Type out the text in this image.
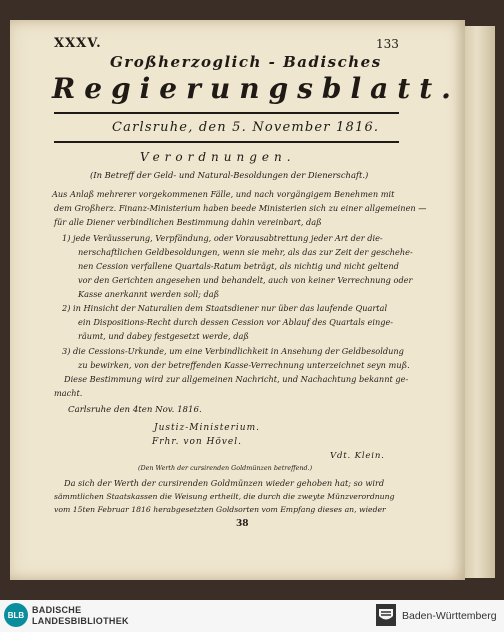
XXXV.	133
Großherzoglich - Badisches
Regierungsblatt.
Carlsruhe, den 5. November 1816.
Verordnungen.
(In Betreff der Geld- und Natural-Besoldungen der Dienerschaft.)
Aus Anlaß mehrerer vorgekommenen Fälle, und nach vorgängigem Benehmen mit
dem Großherz. Finanz-Ministerium haben beede Ministerien sich zu einer allgemeinen —
für alle Diener verbindlichen Bestimmung dahin vereinbart, daß
1) jede Veräusserung, Verpfändung, oder Vorausabtrettung jeder Art der die-
nerschaftlichen Geldbesoldungen, wenn sie mehr, als das zur Zeit der geschehe-
nen Cession verfallene Quartals-Ratum beträgt, als nichtig und nicht geltend
vor den Gerichten angesehen und behandelt, auch von keiner Verrechnung oder
Kasse anerkannt werden soll; daß
2) in Hinsicht der Naturalien dem Staatsdiener nur über das laufende Quartal
ein Dispositions-Recht durch dessen Cession vor Ablauf des Quartals einge-
räumt, und dabey festgesetzt werde, daß
3) die Cessions-Urkunde, um eine Verbindlichkeit in Ansehung der Geldbesoldung
zu bewirken, von der betreffenden Kasse-Verrechnung unterzeichnet seyn muß.
Diese Bestimmung wird zur allgemeinen Nachricht, und Nachachtung bekannt ge-
macht.
Carlsruhe den 4ten Nov. 1816.
Justiz-Ministerium.
Frhr. von Hövel.
Vdt. Klein.
(Den Werth der cursirenden Goldmünzen betreffend.)
Da sich der Werth der cursirenden Goldmünzen wieder gehoben hat; so wird
sämmtlichen Staatskassen die Weisung ertheilt, die durch die zweyte Münzverordnung
vom 15ten Februar 1816 herabgesetzten Goldsorten vom Empfang dieses an, wieder
38
BLB BADISCHE
LANDESBIBLIOTHEK	Baden-Württemberg
